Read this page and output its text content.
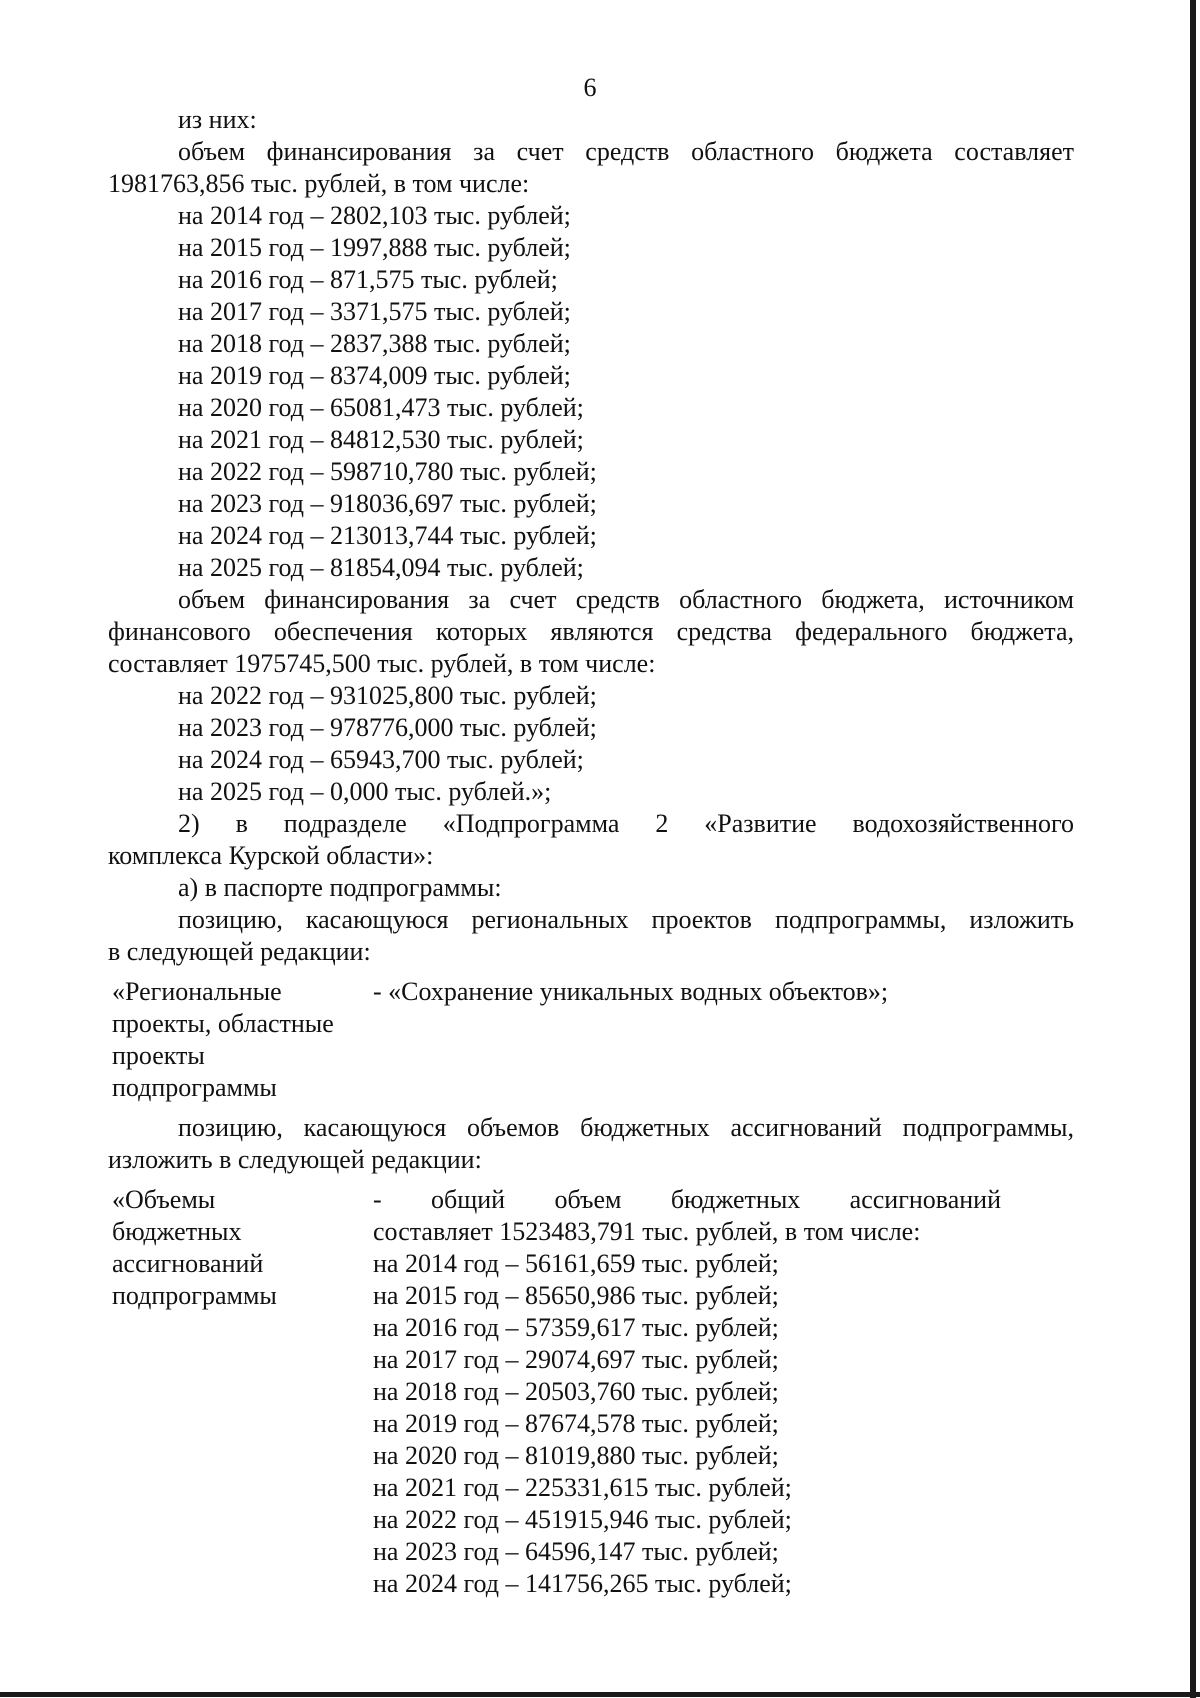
6
из них:
объем финансирования за счет средств областного бюджета составляет
1981763,856 тыс. рублей, в том числе:
на 2014 год – 2802,103 тыс. рублей;
на 2015 год – 1997,888 тыс. рублей;
на 2016 год – 871,575 тыс. рублей;
на 2017 год – 3371,575 тыс. рублей;
на 2018 год – 2837,388 тыс. рублей;
на 2019 год – 8374,009 тыс. рублей;
на 2020 год – 65081,473 тыс. рублей;
на 2021 год – 84812,530 тыс. рублей;
на 2022 год – 598710,780 тыс. рублей;
на 2023 год – 918036,697 тыс. рублей;
на 2024 год – 213013,744 тыс. рублей;
на 2025 год – 81854,094 тыс. рублей;
объем финансирования за счет средств областного бюджета, источником
финансового обеспечения которых являются средства федерального бюджета,
составляет 1975745,500 тыс. рублей, в том числе:
на 2022 год – 931025,800 тыс. рублей;
на 2023 год – 978776,000 тыс. рублей;
на 2024 год – 65943,700 тыс. рублей;
на 2025 год – 0,000 тыс. рублей.»;
2) в подразделе «Подпрограмма 2 «Развитие водохозяйственного
комплекса Курской области»:
а) в паспорте подпрограммы:
позицию, касающуюся региональных проектов подпрограммы, изложить
в следующей редакции:
«Региональные
проекты, областные
проекты
подпрограммы
- «Сохранение уникальных водных объектов»;
позицию, касающуюся объемов бюджетных ассигнований подпрограммы,
изложить в следующей редакции:
«Объемы
бюджетных
ассигнований
подпрограммы
- общий объем бюджетных ассигнований
составляет 1523483,791 тыс. рублей, в том числе:
на 2014 год – 56161,659 тыс. рублей;
на 2015 год – 85650,986 тыс. рублей;
на 2016 год – 57359,617 тыс. рублей;
на 2017 год – 29074,697 тыс. рублей;
на 2018 год – 20503,760 тыс. рублей;
на 2019 год – 87674,578 тыс. рублей;
на 2020 год – 81019,880 тыс. рублей;
на 2021 год – 225331,615 тыс. рублей;
на 2022 год – 451915,946 тыс. рублей;
на 2023 год – 64596,147 тыс. рублей;
на 2024 год – 141756,265 тыс. рублей;
